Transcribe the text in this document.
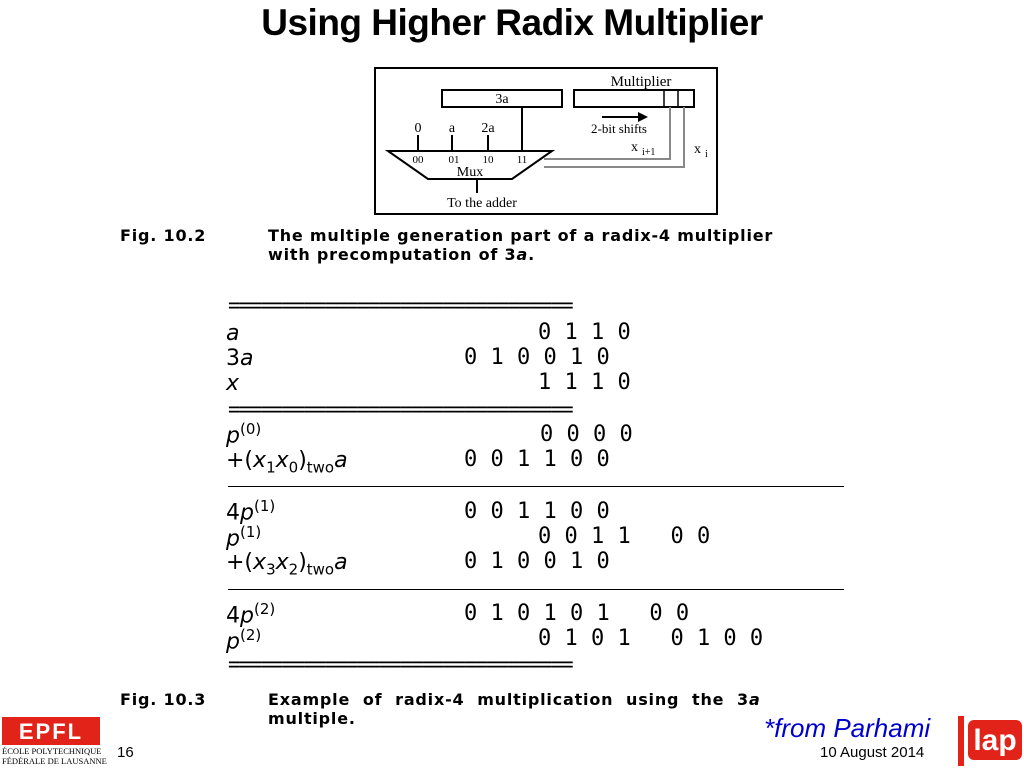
Using Higher Radix Multiplier
3a
Multiplier
2-bit shifts
x i+1	x i
0 a 2a
00 01 10 11
Mux
To the adder
Fig. 10.2	The multiple generation part of a radix-4 multiplier
with precomputation of 3a.
================================
a	0 1 1 0
3a	0 1 0 0 1 0
x	1 1 1 0
================================
$p^{(0)}$	0 0 0 0
$+(x_1x_0)_{two}a$	0 0 1 1 0 0
$4p^{(1)}$	0 0 1 1 0 0
$p^{(1)}$	0 0 1 1   0 0
$+(x_3x_2)_{two}a$	0 1 0 0 1 0
$4p^{(2)}$	0 1 0 1 0 1   0 0
$p^{(2)}$	0 1 0 1   0 1 0 0
================================
Fig. 10.3	Example  of  radix-4  multiplication  using  the  3a
multiple.
EPFL
ÉCOLE POLYTECHNIQUE
FÉDÉRALE DE LAUSANNE 16
*from Parhami
10 August 2014 lap
